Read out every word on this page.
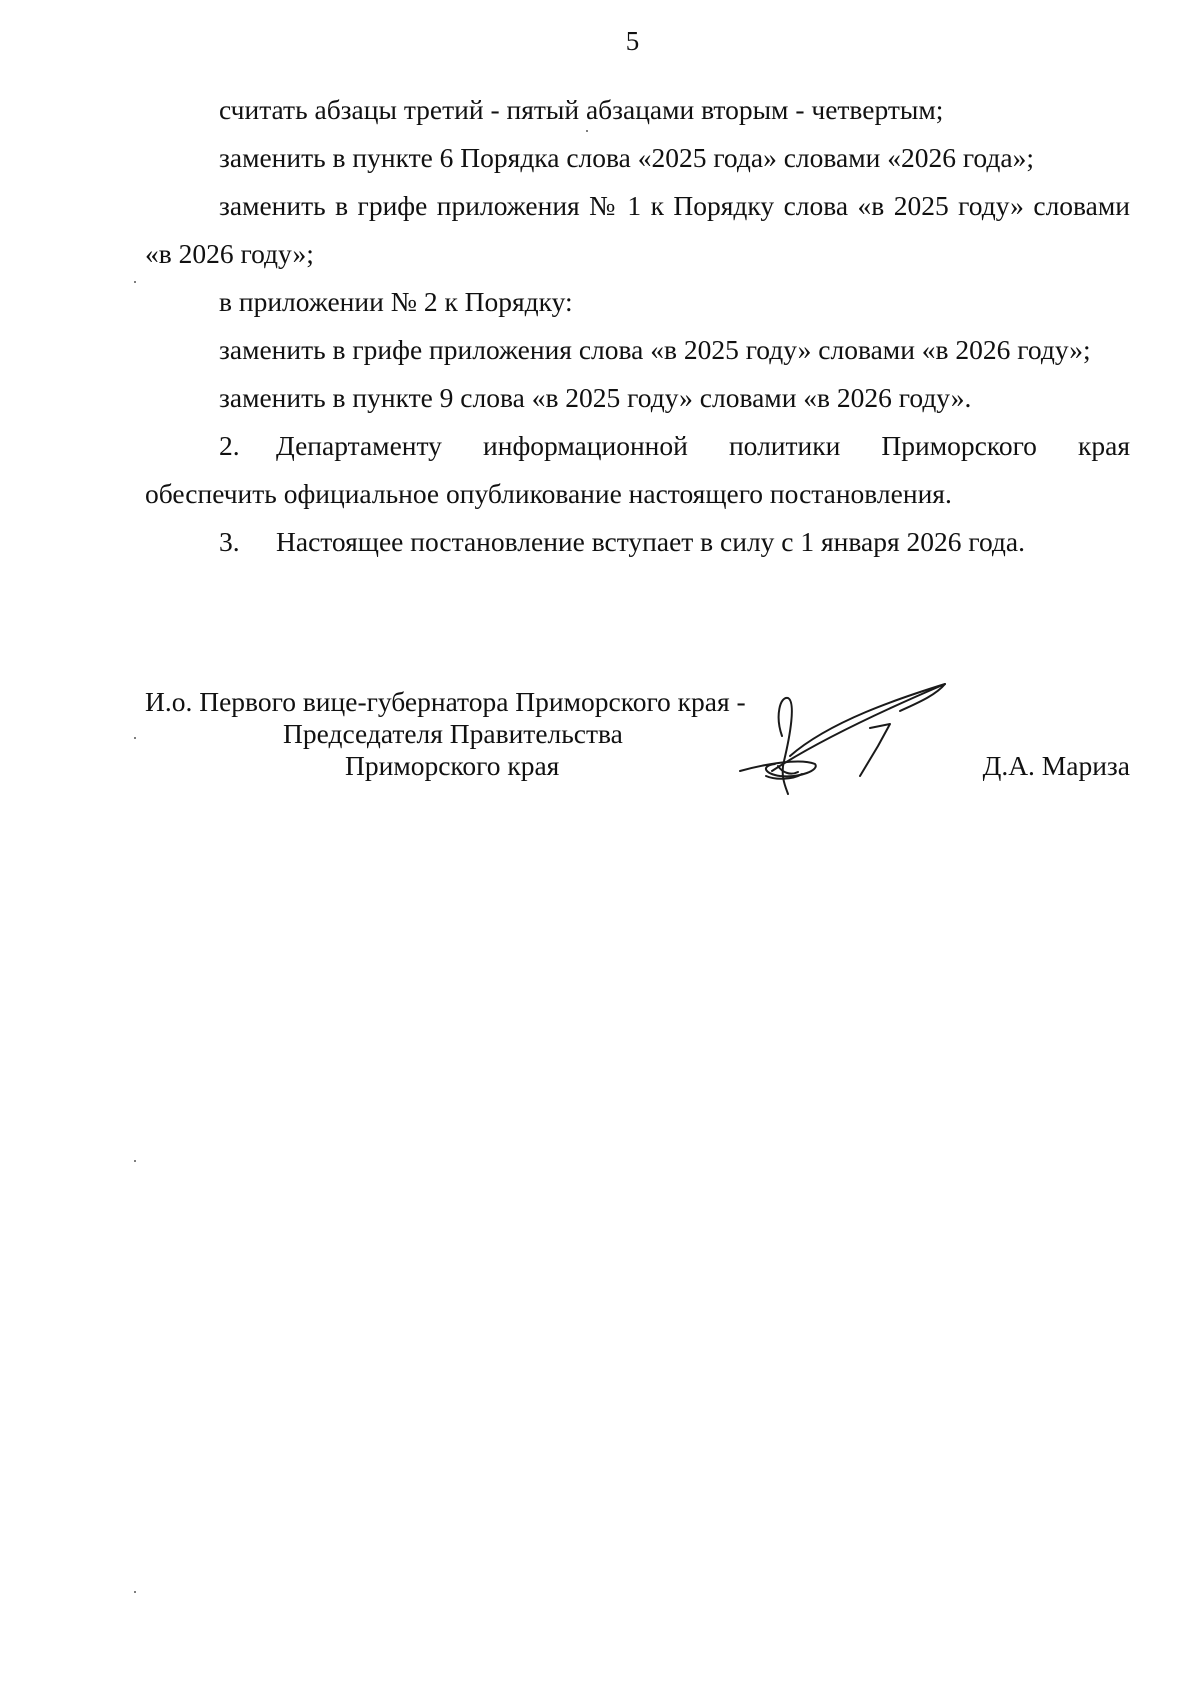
5

считать абзацы третий - пятый абзацами вторым - четвертым;

заменить в пункте 6 Порядка слова «2025 года» словами «2026 года»;

заменить в грифе приложения № 1 к Порядку слова «в 2025 году» словами «в 2026 году»;

в приложении № 2 к Порядку:

заменить в грифе приложения слова «в 2025 году» словами «в 2026 году»;

заменить в пункте 9 слова «в 2025 году» словами «в 2026 году».

2. Департаменту информационной политики Приморского края обеспечить официальное опубликование настоящего постановления.

3. Настоящее постановление вступает в силу с 1 января 2026 года.

И.о. Первого вице-губернатора Приморского края -
Председателя Правительства
Приморского края	Д.А. Мариза
